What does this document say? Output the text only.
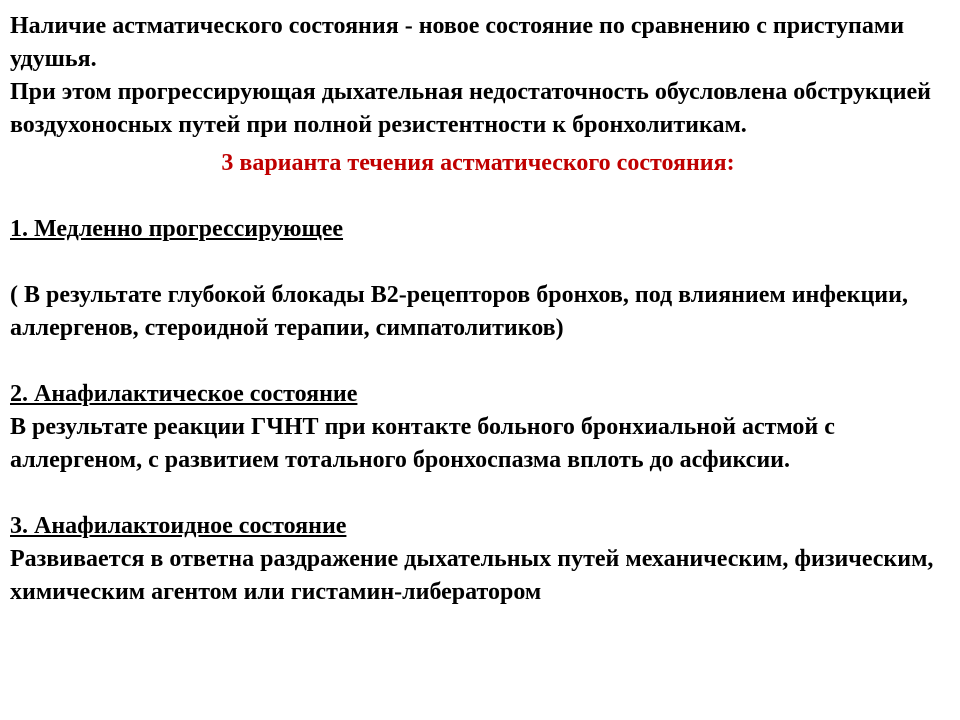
Наличие астматического состояния - новое состояние по сравнению с приступами удушья.

При этом прогрессирующая дыхательная недостаточность обусловлена обструкцией воздухоносных путей при полной резистентности к бронхолитикам.

3 варианта течения астматического состояния:

1. Медленно прогрессирующее

( В результате глубокой блокады В2-рецепторов бронхов, под влиянием инфекции, аллергенов, стероидной терапии, симпатолитиков)

2. Анафилактическое состояние

В результате реакции ГЧНТ при контакте больного бронхиальной астмой с аллергеном, с развитием тотального бронхоспазма вплоть до асфиксии.

3. Анафилактоидное состояние

Развивается в ответна раздражение дыхательных путей механическим, физическим, химическим агентом или гистамин-либератором
